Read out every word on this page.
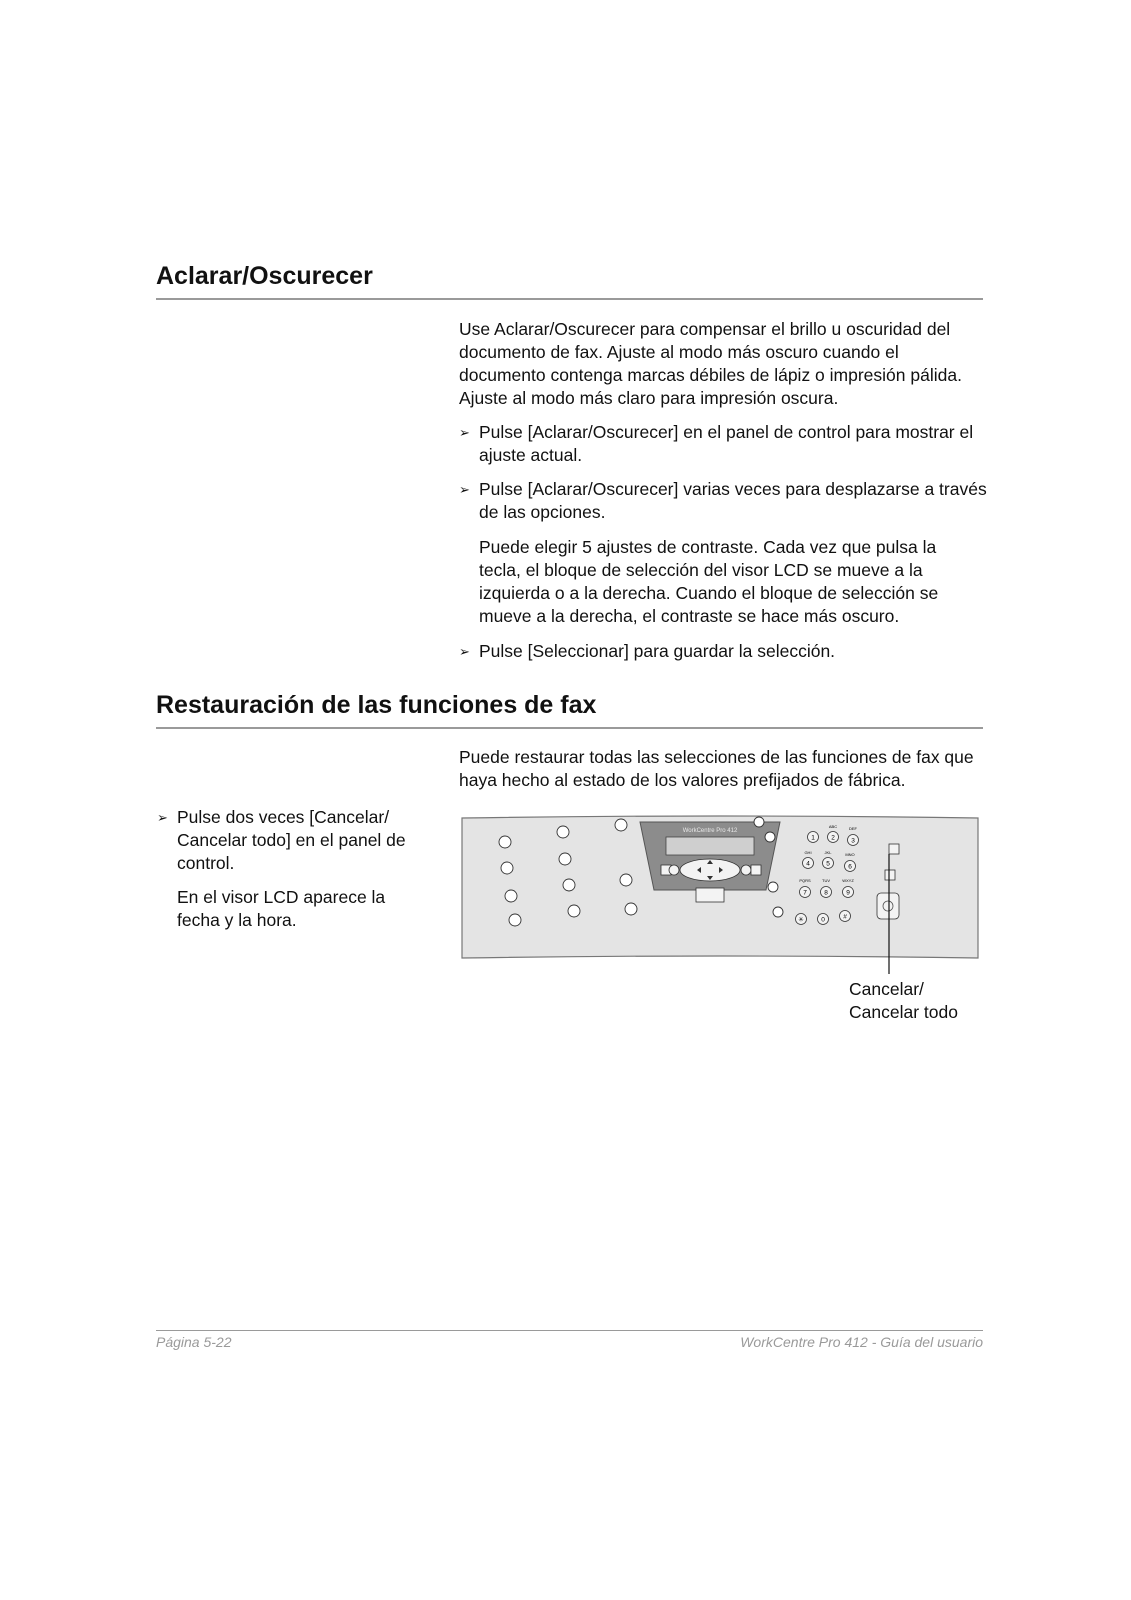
Aclarar/Oscurecer

Use Aclarar/Oscurecer para compensar el brillo u oscuridad del documento de fax. Ajuste al modo más oscuro cuando el documento contenga marcas débiles de lápiz o impresión pálida. Ajuste al modo más claro para impresión oscura.

➢ Pulse [Aclarar/Oscurecer] en el panel de control para mostrar el ajuste actual.
➢ Pulse [Aclarar/Oscurecer] varias veces para desplazarse a través de las opciones.

Puede elegir 5 ajustes de contraste. Cada vez que pulsa la tecla, el bloque de selección del visor LCD se mueve a la izquierda o a la derecha. Cuando el bloque de selección se mueve a la derecha, el contraste se hace más oscuro.

➢ Pulse [Seleccionar] para guardar la selección.
Restauración de las funciones de fax

Puede restaurar todas las selecciones de las funciones de fax que haya hecho al estado de los valores prefijados de fábrica.

➢ Pulse dos veces [Cancelar/ Cancelar todo] en el panel de control.

En el visor LCD aparece la fecha y la hora.

WorkCentre Pro 412
1	2
ABC
3
DEF
4
GHI
5
JKL
6
MNO
7
PQRS
8
TUV
9
WXYZ
✳	0	#
Cancelar/
Cancelar todo
Página 5-22	WorkCentre Pro 412 - Guía del usuario
